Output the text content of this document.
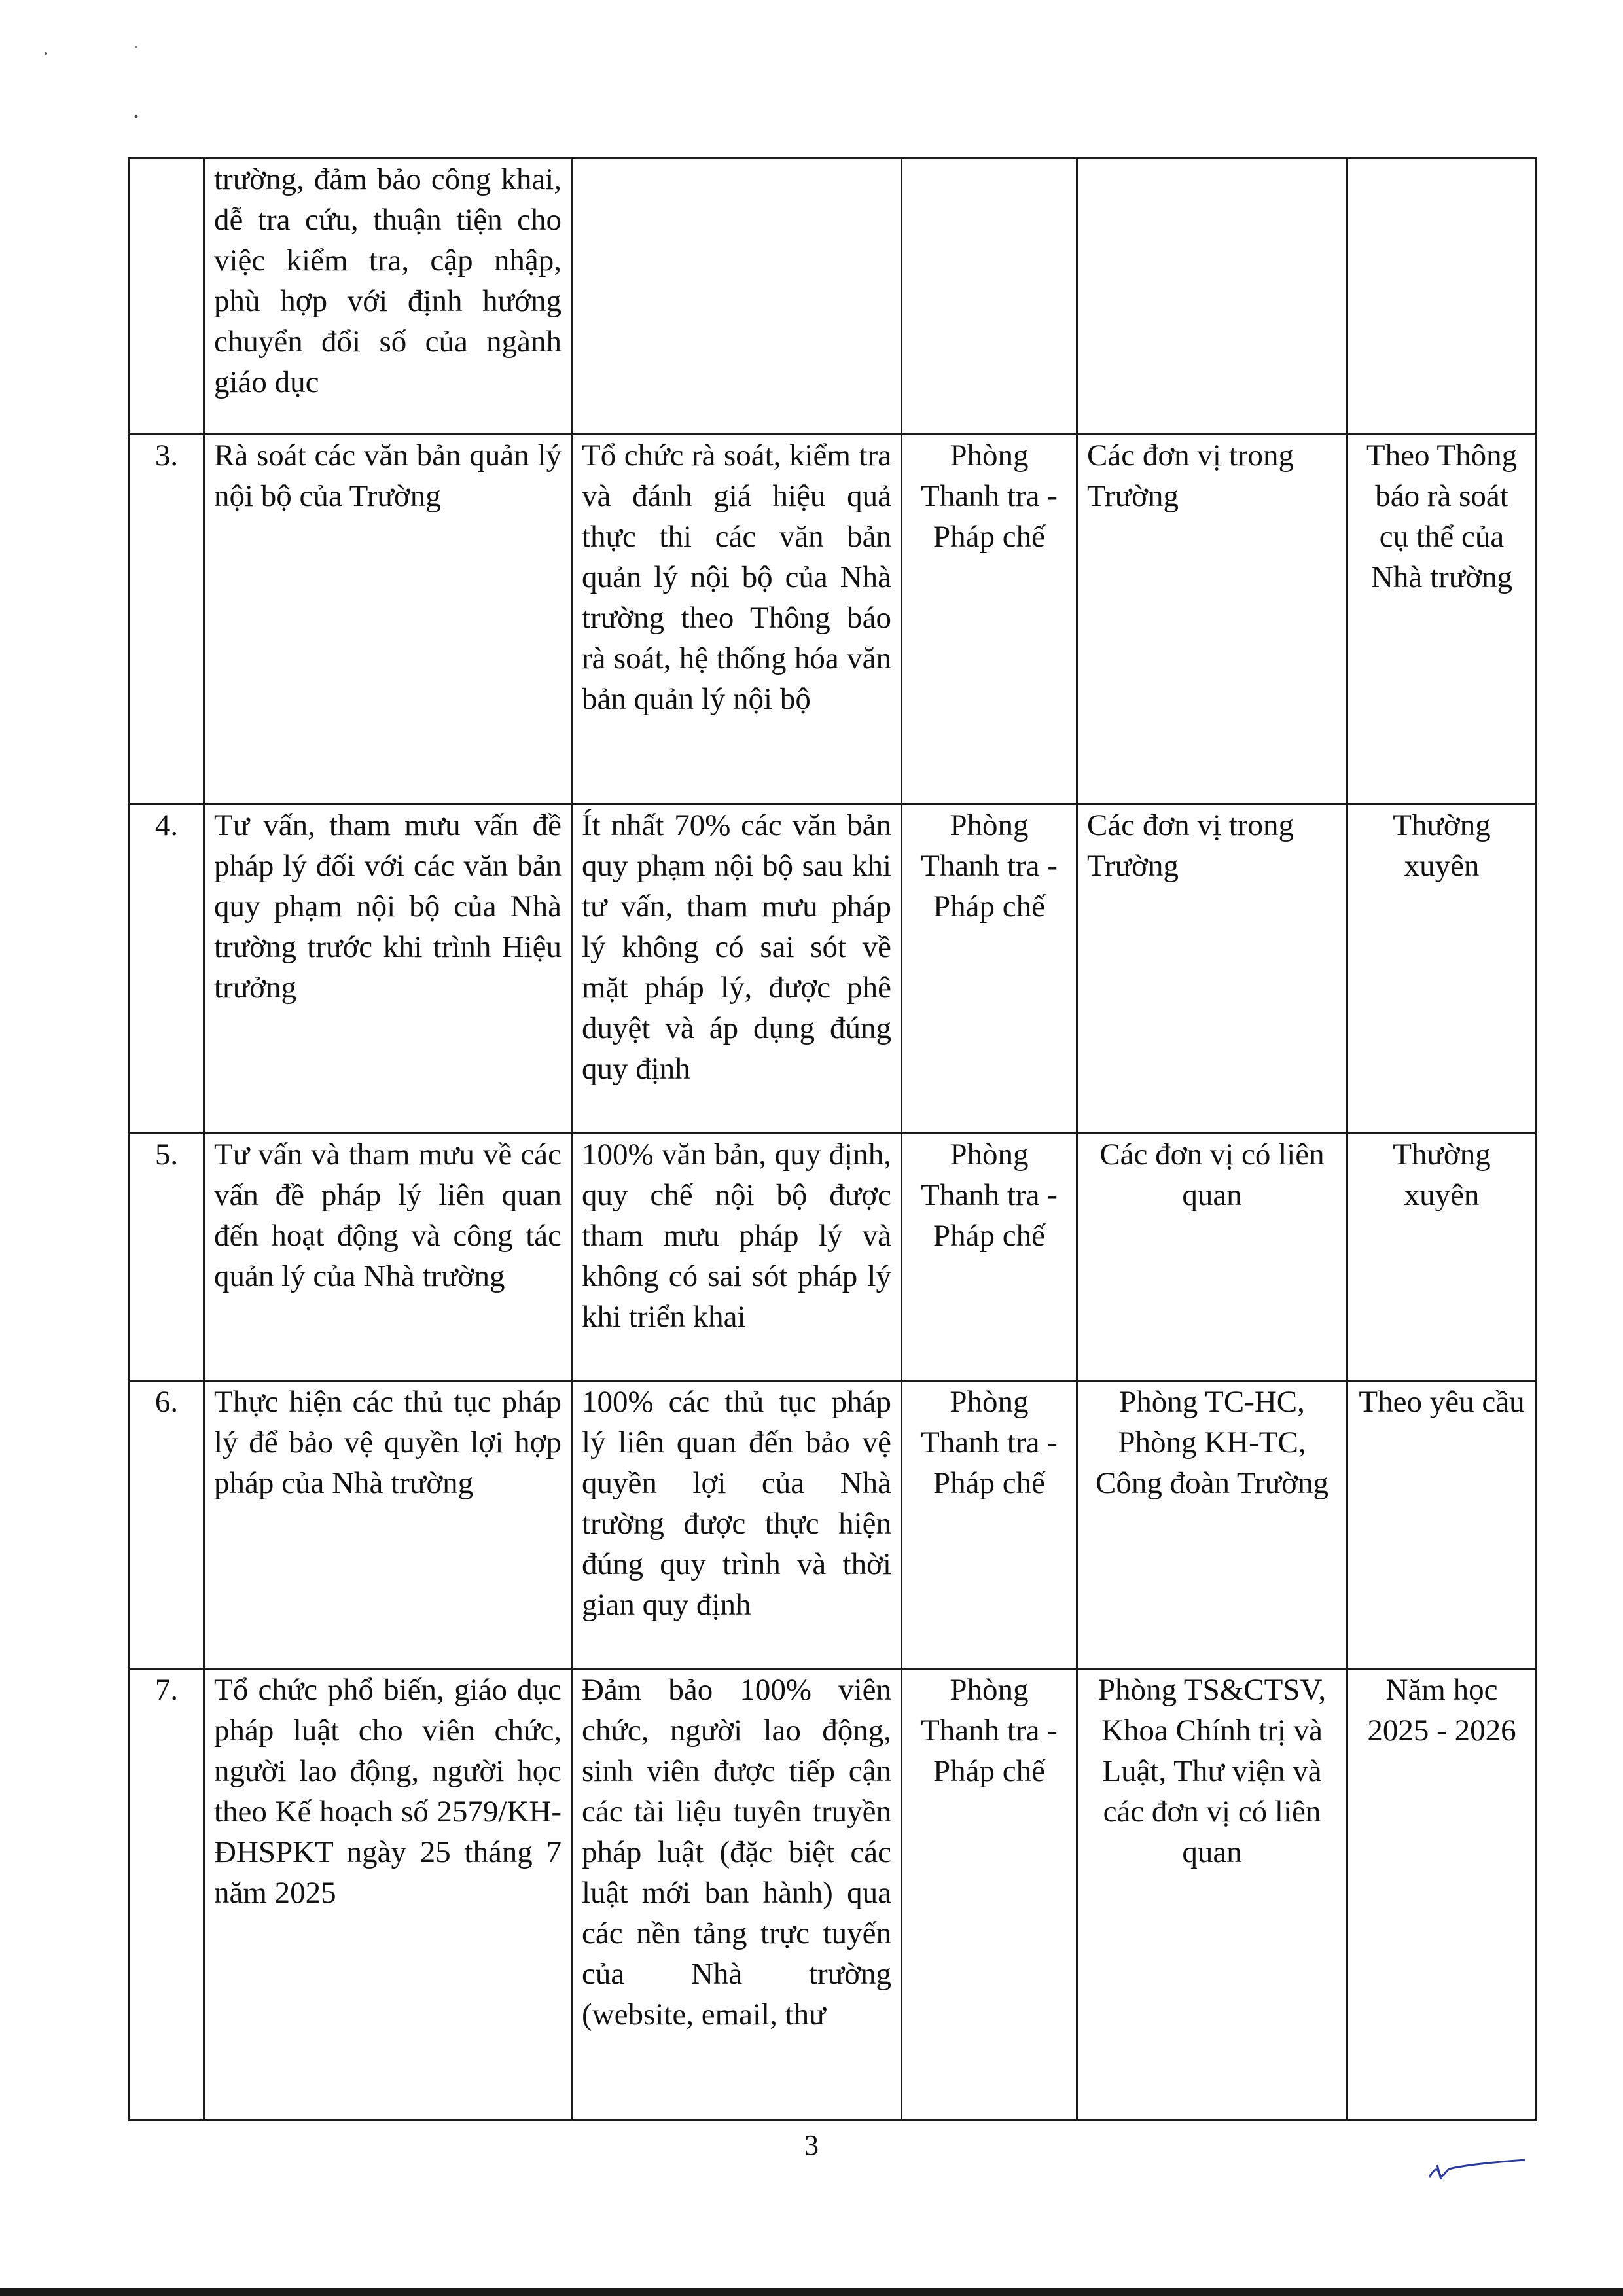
	trường, đảm bảo công khai, dễ tra cứu, thuận tiện cho việc kiểm tra, cập nhập, phù hợp với định hướng chuyển đổi số của ngành giáo dục				

3.	Rà soát các văn bản quản lý nội bộ của Trường	Tổ chức rà soát, kiểm tra và đánh giá hiệu quả thực thi các văn bản quản lý nội bộ của Nhà trường theo Thông báo rà soát, hệ thống hóa văn bản quản lý nội bộ	Phòng Thanh tra - Pháp chế	Các đơn vị trong Trường	Theo Thông báo rà soát cụ thể của Nhà trường

4.	Tư vấn, tham mưu vấn đề pháp lý đối với các văn bản quy phạm nội bộ của Nhà trường trước khi trình Hiệu trưởng	Ít nhất 70% các văn bản quy phạm nội bộ sau khi tư vấn, tham mưu pháp lý không có sai sót về mặt pháp lý, được phê duyệt và áp dụng đúng quy định	Phòng Thanh tra - Pháp chế	Các đơn vị trong Trường	Thường xuyên

5.	Tư vấn và tham mưu về các vấn đề pháp lý liên quan đến hoạt động và công tác quản lý của Nhà trường	100% văn bản, quy định, quy chế nội bộ được tham mưu pháp lý và không có sai sót pháp lý khi triển khai	Phòng Thanh tra - Pháp chế	Các đơn vị có liên quan	Thường xuyên

6.	Thực hiện các thủ tục pháp lý để bảo vệ quyền lợi hợp pháp của Nhà trường	100% các thủ tục pháp lý liên quan đến bảo vệ quyền lợi của Nhà trường được thực hiện đúng quy trình và thời gian quy định	Phòng Thanh tra - Pháp chế	Phòng TC-HC, Phòng KH-TC, Công đoàn Trường	Theo yêu cầu

7.	Tổ chức phổ biến, giáo dục pháp luật cho viên chức, người lao động, người học theo Kế hoạch số 2579/KH-ĐHSPKT ngày 25 tháng 7 năm 2025	Đảm bảo 100% viên chức, người lao động, sinh viên được tiếp cận các tài liệu tuyên truyền pháp luật (đặc biệt các luật mới ban hành) qua các nền tảng trực tuyến của Nhà trường (website, email, thư	Phòng Thanh tra - Pháp chế	Phòng TS&CTSV, Khoa Chính trị và Luật, Thư viện và các đơn vị có liên quan	Năm học 2025 - 2026
3
